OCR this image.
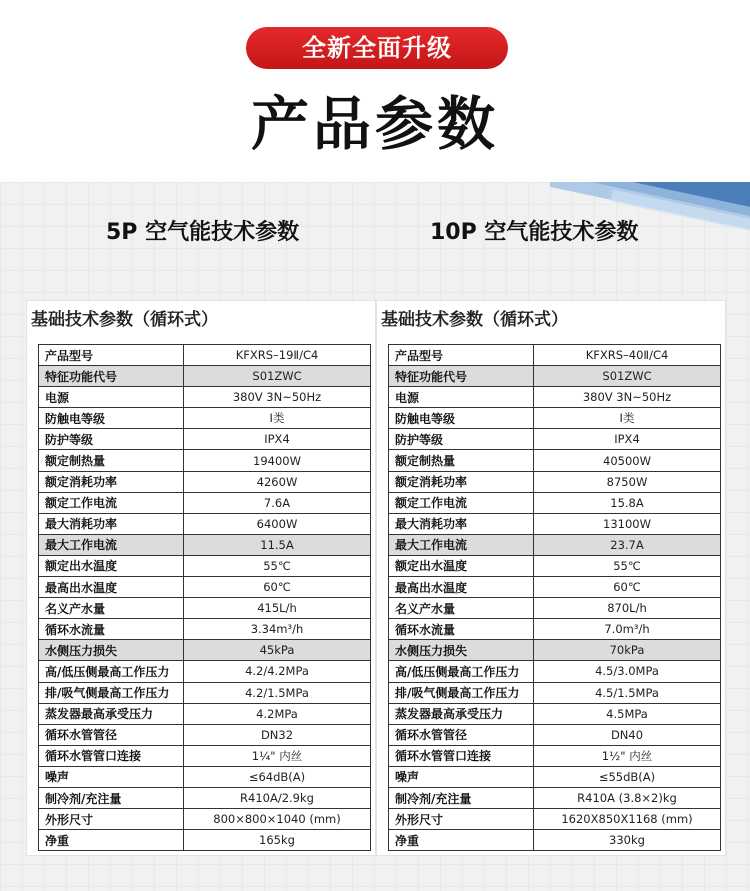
全新全面升级
产品参数
5P 空气能技术参数	10P 空气能技术参数
基础技术参数（循环式）
产品型号	KFXRS–19Ⅱ/C4
特征功能代号	S01ZWC
电源	380V 3N~50Hz
防触电等级	Ⅰ类
防护等级	IPX4
额定制热量	19400W
额定消耗功率	4260W
额定工作电流	7.6A
最大消耗功率	6400W
最大工作电流	11.5A
额定出水温度	55℃
最高出水温度	60℃
名义产水量	415L/h
循环水流量	3.34m³/h
水侧压力损失	45kPa
高/低压侧最高工作压力	4.2/4.2MPa
排/吸气侧最高工作压力	4.2/1.5MPa
蒸发器最高承受压力	4.2MPa
循环水管管径	DN32
循环水管管口连接	1¼" 内丝
噪声	≤64dB(A)
制冷剂/充注量	R410A/2.9kg
外形尺寸	800×800×1040 (mm)
净重	165kg
基础技术参数（循环式）
产品型号	KFXRS–40Ⅱ/C4
特征功能代号	S01ZWC
电源	380V 3N~50Hz
防触电等级	Ⅰ类
防护等级	IPX4
额定制热量	40500W
额定消耗功率	8750W
额定工作电流	15.8A
最大消耗功率	13100W
最大工作电流	23.7A
额定出水温度	55℃
最高出水温度	60℃
名义产水量	870L/h
循环水流量	7.0m³/h
水侧压力损失	70kPa
高/低压侧最高工作压力	4.5/3.0MPa
排/吸气侧最高工作压力	4.5/1.5MPa
蒸发器最高承受压力	4.5MPa
循环水管管径	DN40
循环水管管口连接	1½" 内丝
噪声	≤55dB(A)
制冷剂/充注量	R410A (3.8×2)kg
外形尺寸	1620X850X1168 (mm)
净重	330kg
